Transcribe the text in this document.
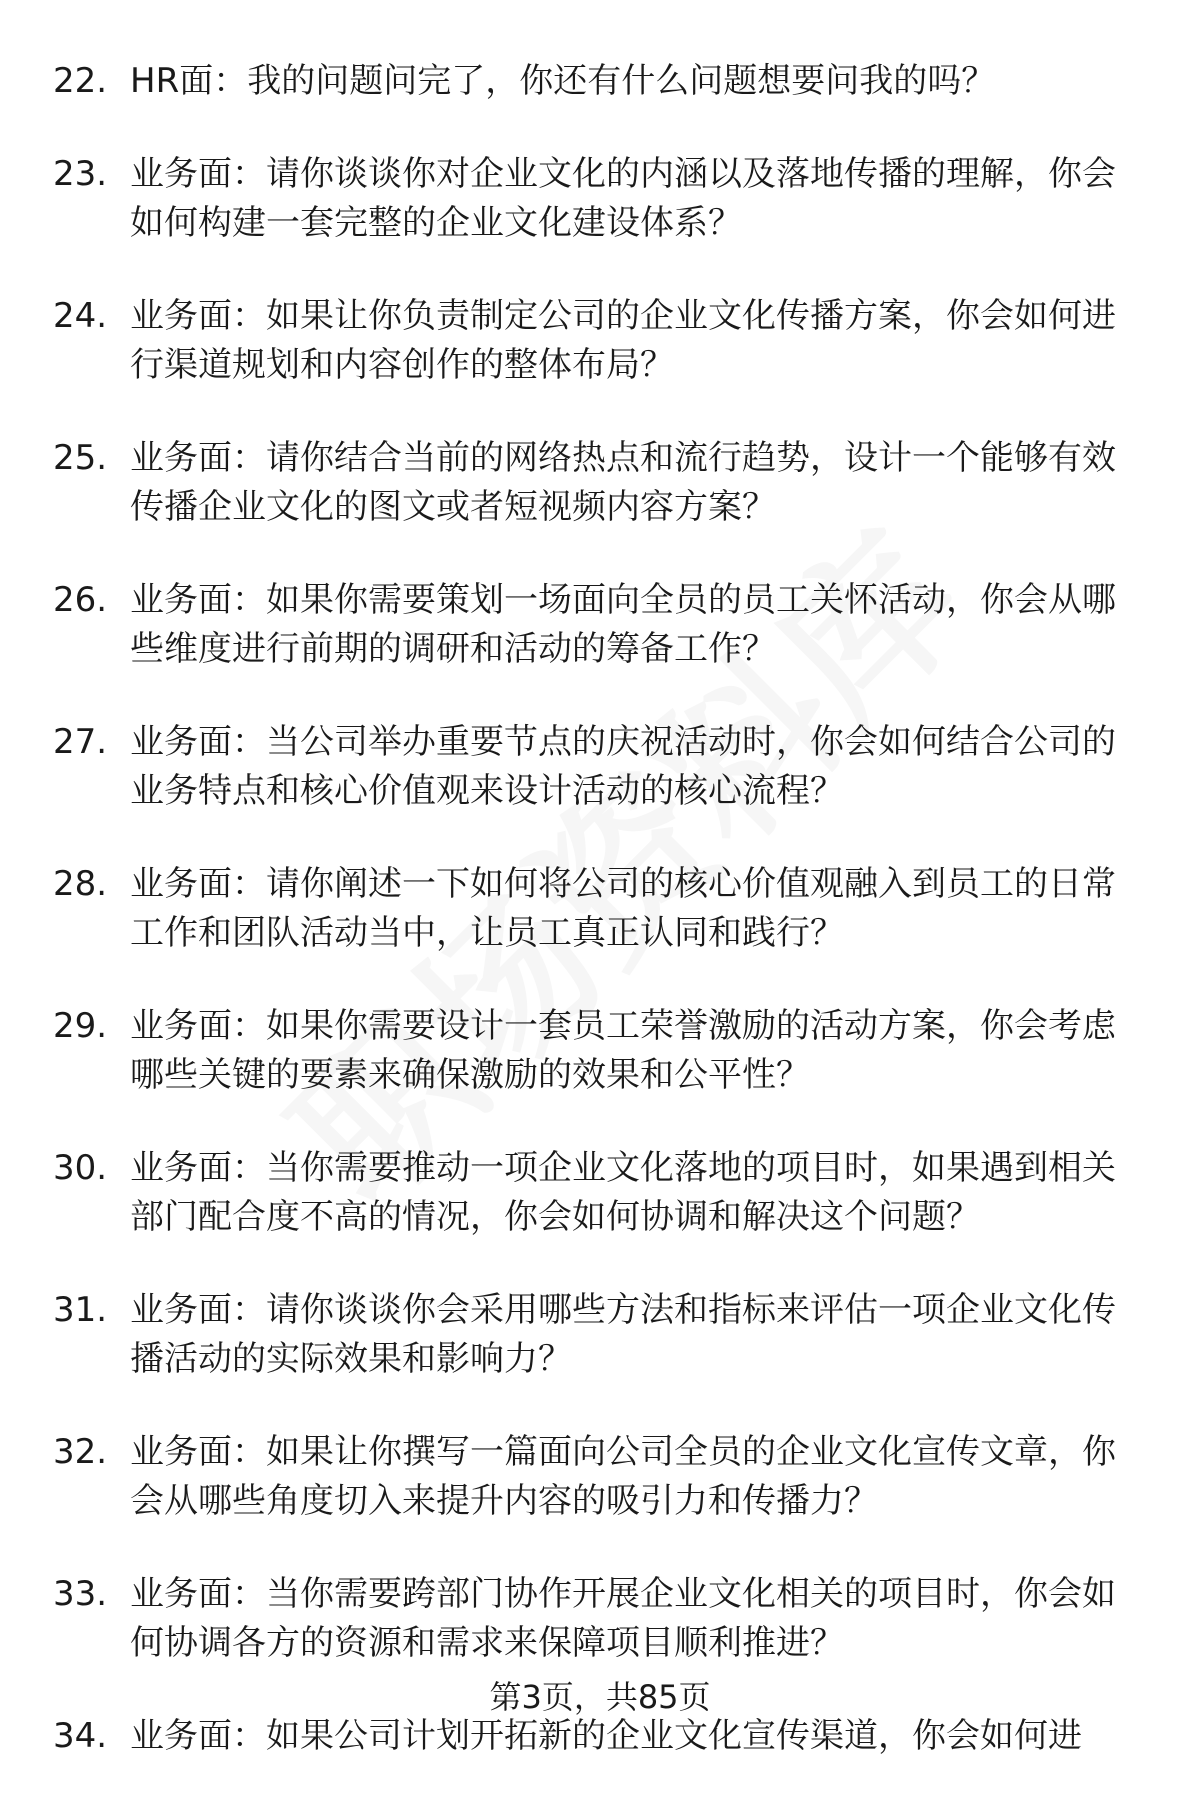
22. HR面：我的问题问完了，你还有什么问题想要问我的吗？
23. 业务面：请你谈谈你对企业文化的内涵以及落地传播的理解，你会如何构建一套完整的企业文化建设体系？
24. 业务面：如果让你负责制定公司的企业文化传播方案，你会如何进行渠道规划和内容创作的整体布局？
25. 业务面：请你结合当前的网络热点和流行趋势，设计一个能够有效传播企业文化的图文或者短视频内容方案？
26. 业务面：如果你需要策划一场面向全员的员工关怀活动，你会从哪些维度进行前期的调研和活动的筹备工作？
27. 业务面：当公司举办重要节点的庆祝活动时，你会如何结合公司的业务特点和核心价值观来设计活动的核心流程？
28. 业务面：请你阐述一下如何将公司的核心价值观融入到员工的日常工作和团队活动当中，让员工真正认同和践行？
29. 业务面：如果你需要设计一套员工荣誉激励的活动方案，你会考虑哪些关键的要素来确保激励的效果和公平性？
30. 业务面：当你需要推动一项企业文化落地的项目时，如果遇到相关部门配合度不高的情况，你会如何协调和解决这个问题？
31. 业务面：请你谈谈你会采用哪些方法和指标来评估一项企业文化传播活动的实际效果和影响力？
32. 业务面：如果让你撰写一篇面向公司全员的企业文化宣传文章，你会从哪些角度切入来提升内容的吸引力和传播力？
33. 业务面：当你需要跨部门协作开展企业文化相关的项目时，你会如何协调各方的资源和需求来保障项目顺利推进？
34. 业务面：如果公司计划开拓新的企业文化宣传渠道，你会如何进
第3页，共85页
